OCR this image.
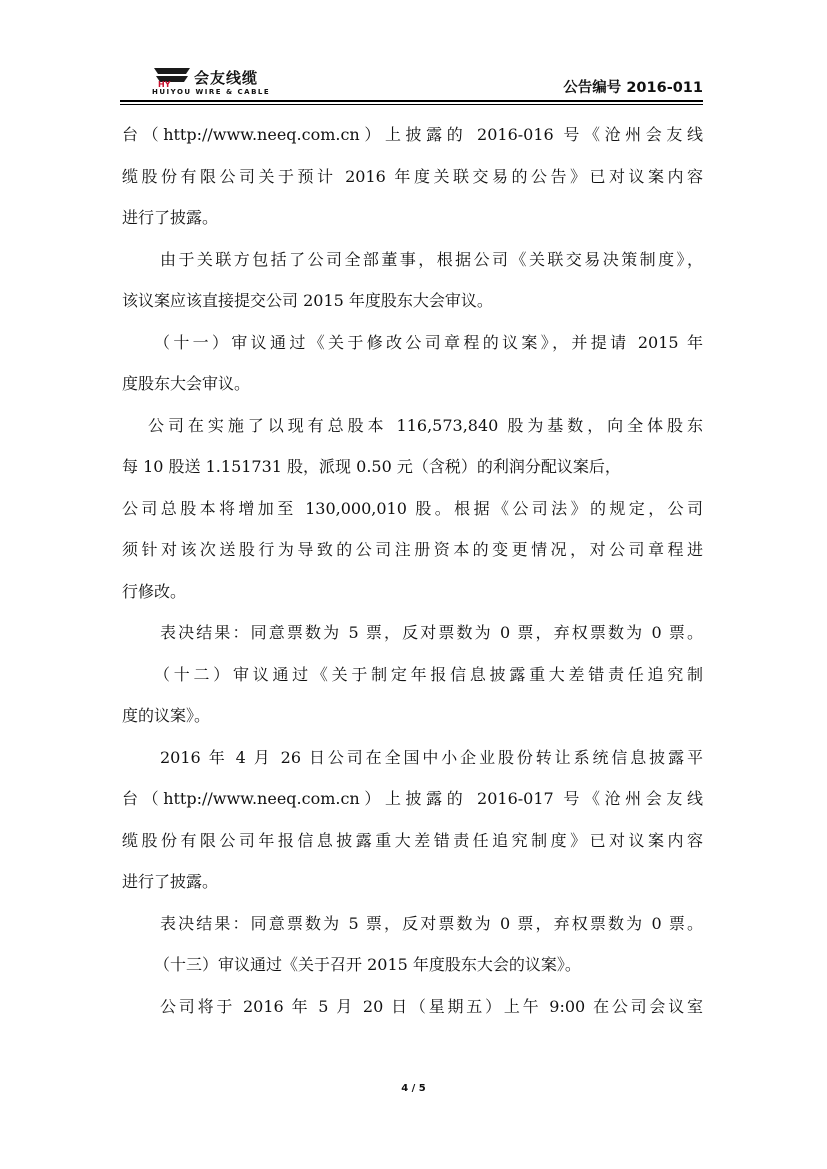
HY 会友线缆
HUIYOU WIRE & CABLE	公告编号 2016-011
台（http://www.neeq.com.cn）上披露的 2016-016 号《沧州会友线
缆股份有限公司关于预计 2016 年度关联交易的公告》已对议案内容
进行了披露。
由于关联方包括了公司全部董事，根据公司《关联交易决策制度》，
该议案应该直接提交公司 2015 年度股东大会审议。
（十一）审议通过《关于修改公司章程的议案》，并提请 2015 年
度股东大会审议。
公司在实施了以现有总股本 116,573,840 股为基数，向全体股东
每 10 股送 1.151731 股，派现 0.50 元（含税）的利润分配议案后，
公司总股本将增加至 130,000,010 股。根据《公司法》的规定，公司
须针对该次送股行为导致的公司注册资本的变更情况，对公司章程进
行修改。
表决结果：同意票数为 5 票，反对票数为 0 票，弃权票数为 0 票。
（十二）审议通过《关于制定年报信息披露重大差错责任追究制
度的议案》。
2016 年 4 月 26 日公司在全国中小企业股份转让系统信息披露平
台（http://www.neeq.com.cn）上披露的 2016-017 号《沧州会友线
缆股份有限公司年报信息披露重大差错责任追究制度》已对议案内容
进行了披露。
表决结果：同意票数为 5 票，反对票数为 0 票，弃权票数为 0 票。
（十三）审议通过《关于召开 2015 年度股东大会的议案》。
公司将于 2016 年 5 月 20 日（星期五）上午 9:00 在公司会议室
4 / 5
